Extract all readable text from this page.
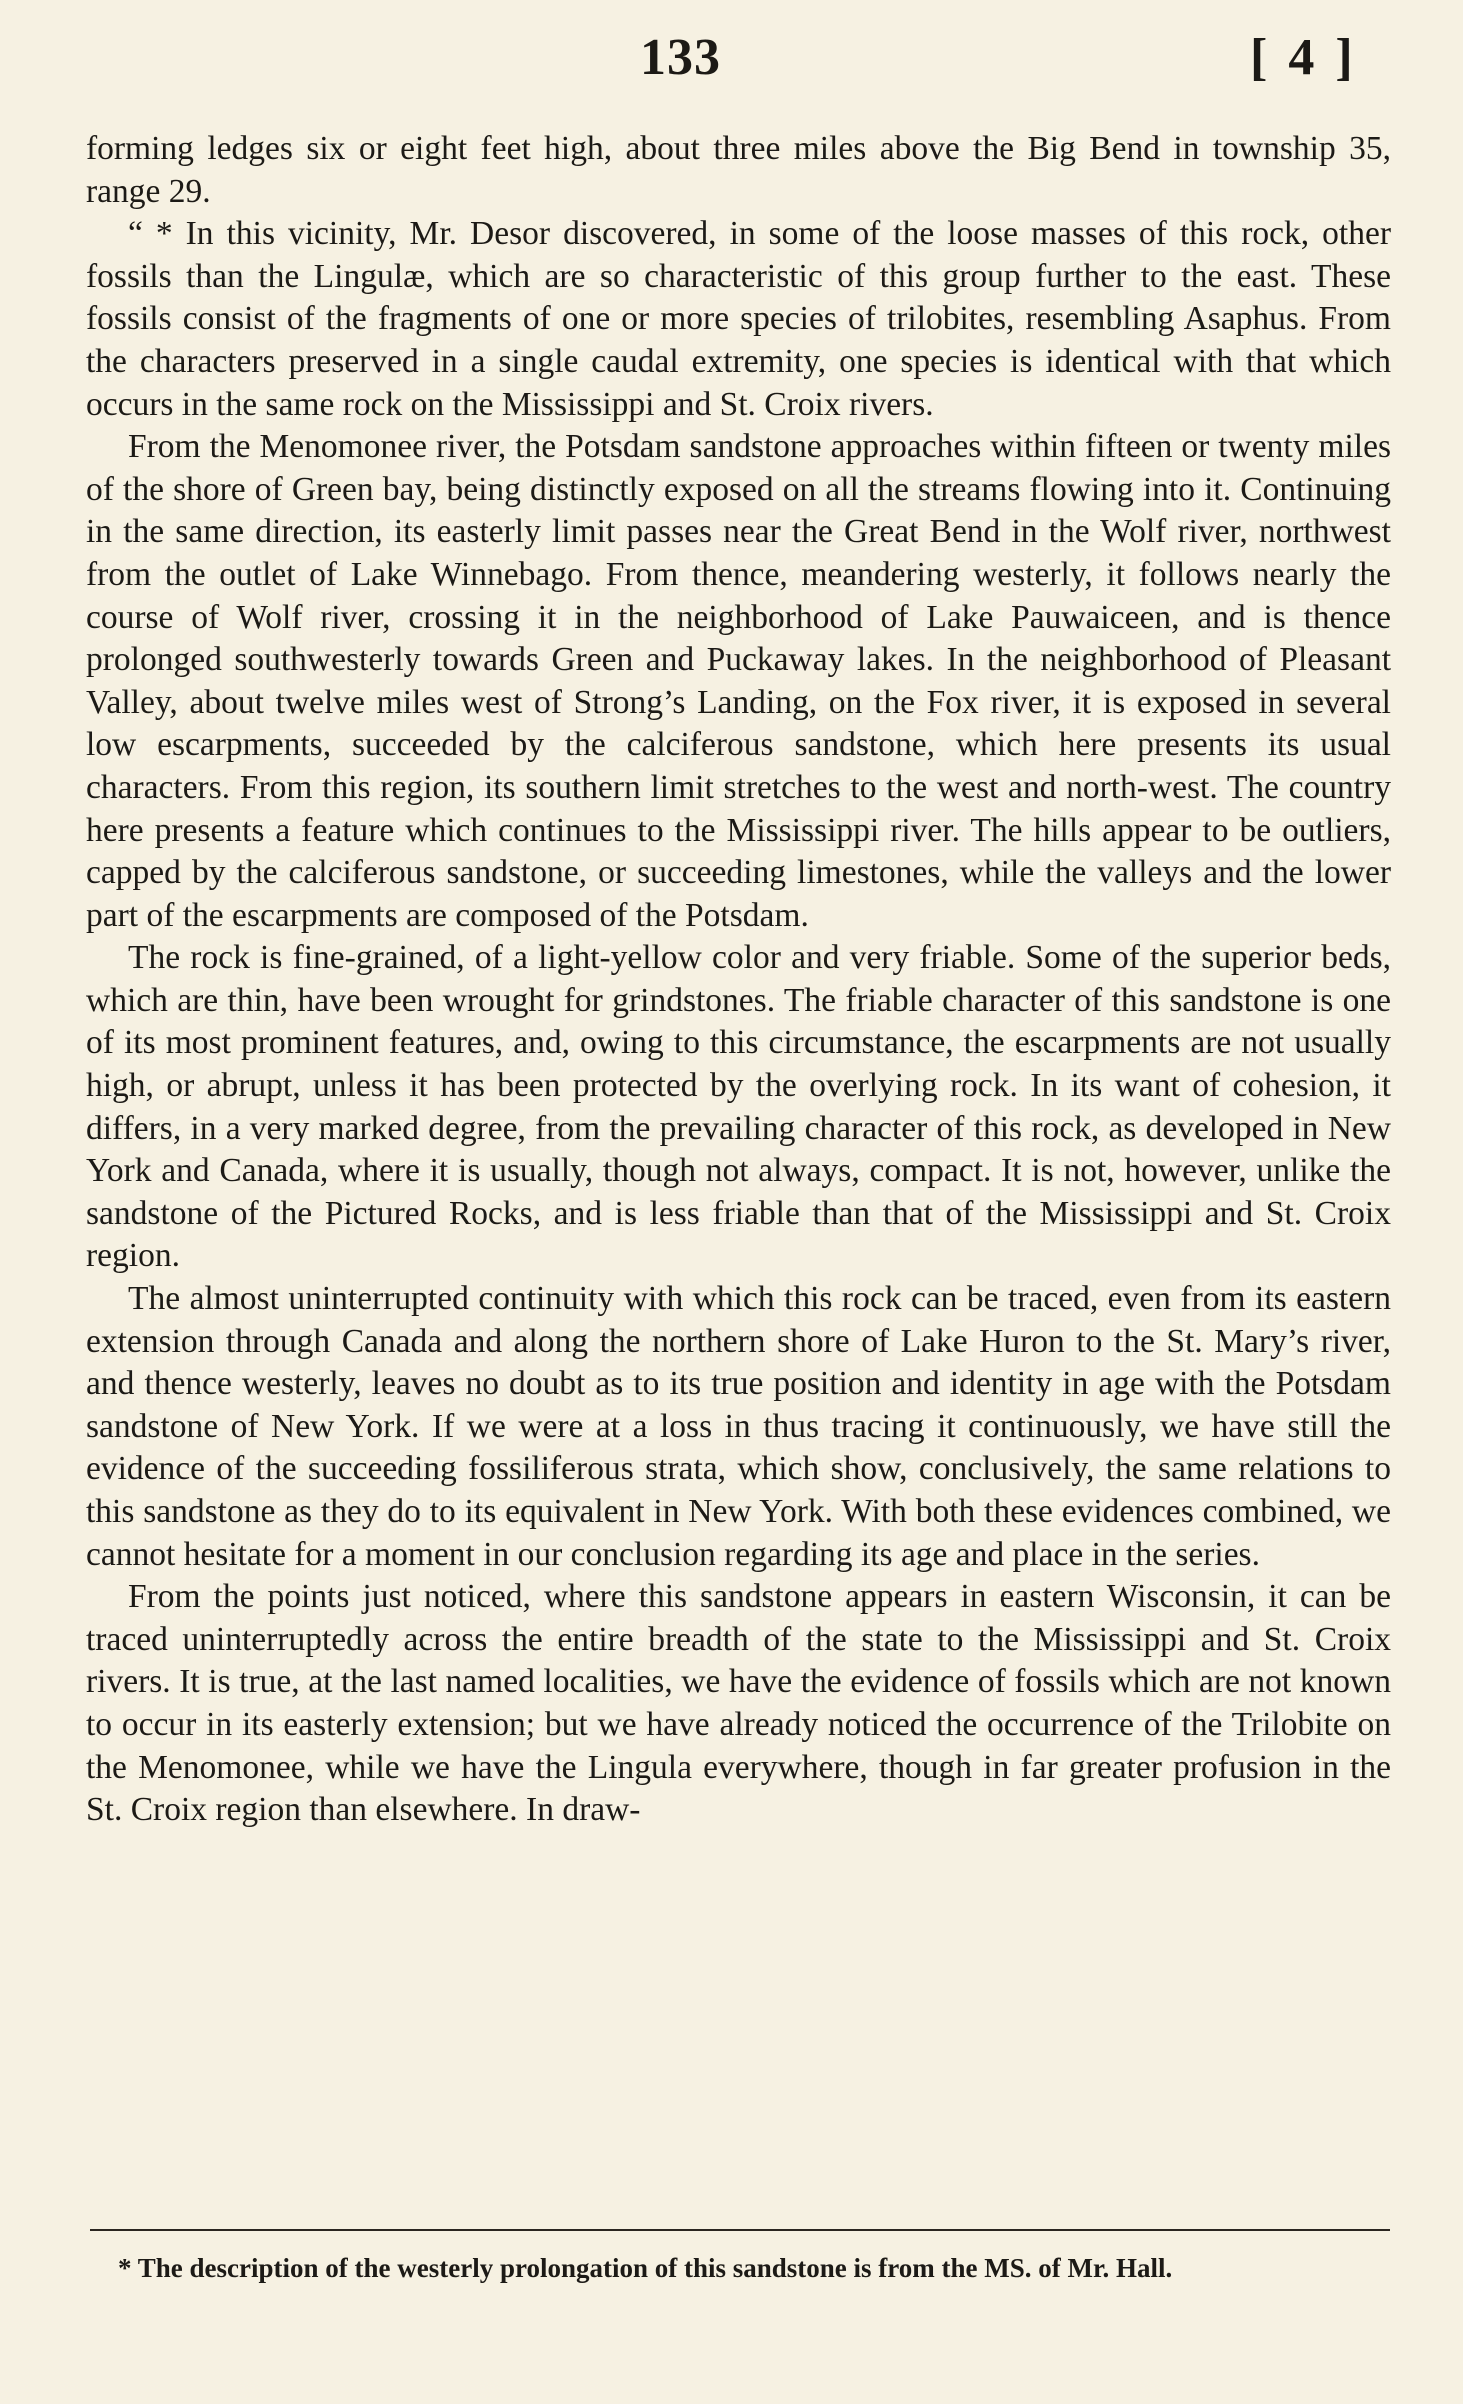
133	[ 4 ]

forming ledges six or eight feet high, about three miles above the Big Bend in township 35, range 29.

“ * In this vicinity, Mr. Desor discovered, in some of the loose masses of this rock, other fossils than the Lingulæ, which are so characteristic of this group further to the east. These fossils consist of the fragments of one or more species of trilobites, resembling Asaphus. From the characters preserved in a single caudal extremity, one species is identical with that which occurs in the same rock on the Mississippi and St. Croix rivers.

From the Menomonee river, the Potsdam sandstone approaches within fifteen or twenty miles of the shore of Green bay, being distinctly exposed on all the streams flowing into it. Continuing in the same direction, its easterly limit passes near the Great Bend in the Wolf river, northwest from the outlet of Lake Winnebago. From thence, meandering westerly, it follows nearly the course of Wolf river, crossing it in the neighborhood of Lake Pauwaiceen, and is thence prolonged southwesterly towards Green and Puckaway lakes. In the neighborhood of Pleasant Valley, about twelve miles west of Strong’s Landing, on the Fox river, it is exposed in several low escarpments, succeeded by the calciferous sandstone, which here presents its usual characters. From this region, its southern limit stretches to the west and north-west. The country here presents a feature which continues to the Mississippi river. The hills appear to be outliers, capped by the calciferous sandstone, or succeeding limestones, while the valleys and the lower part of the escarpments are composed of the Potsdam.

The rock is fine-grained, of a light-yellow color and very friable. Some of the superior beds, which are thin, have been wrought for grindstones. The friable character of this sandstone is one of its most prominent features, and, owing to this circumstance, the escarpments are not usually high, or abrupt, unless it has been protected by the overlying rock. In its want of cohesion, it differs, in a very marked degree, from the prevailing character of this rock, as developed in New York and Canada, where it is usually, though not always, compact. It is not, however, unlike the sandstone of the Pictured Rocks, and is less friable than that of the Mississippi and St. Croix region.

The almost uninterrupted continuity with which this rock can be traced, even from its eastern extension through Canada and along the northern shore of Lake Huron to the St. Mary’s river, and thence westerly, leaves no doubt as to its true position and identity in age with the Potsdam sandstone of New York. If we were at a loss in thus tracing it continuously, we have still the evidence of the succeeding fossiliferous strata, which show, conclusively, the same relations to this sandstone as they do to its equivalent in New York. With both these evidences combined, we cannot hesitate for a moment in our conclusion regarding its age and place in the series.

From the points just noticed, where this sandstone appears in eastern Wisconsin, it can be traced uninterruptedly across the entire breadth of the state to the Mississippi and St. Croix rivers. It is true, at the last named localities, we have the evidence of fossils which are not known to occur in its easterly extension; but we have already noticed the occurrence of the Trilobite on the Menomonee, while we have the Lingula everywhere, though in far greater profusion in the St. Croix region than elsewhere. In draw-

* The description of the westerly prolongation of this sandstone is from the MS. of Mr. Hall.
